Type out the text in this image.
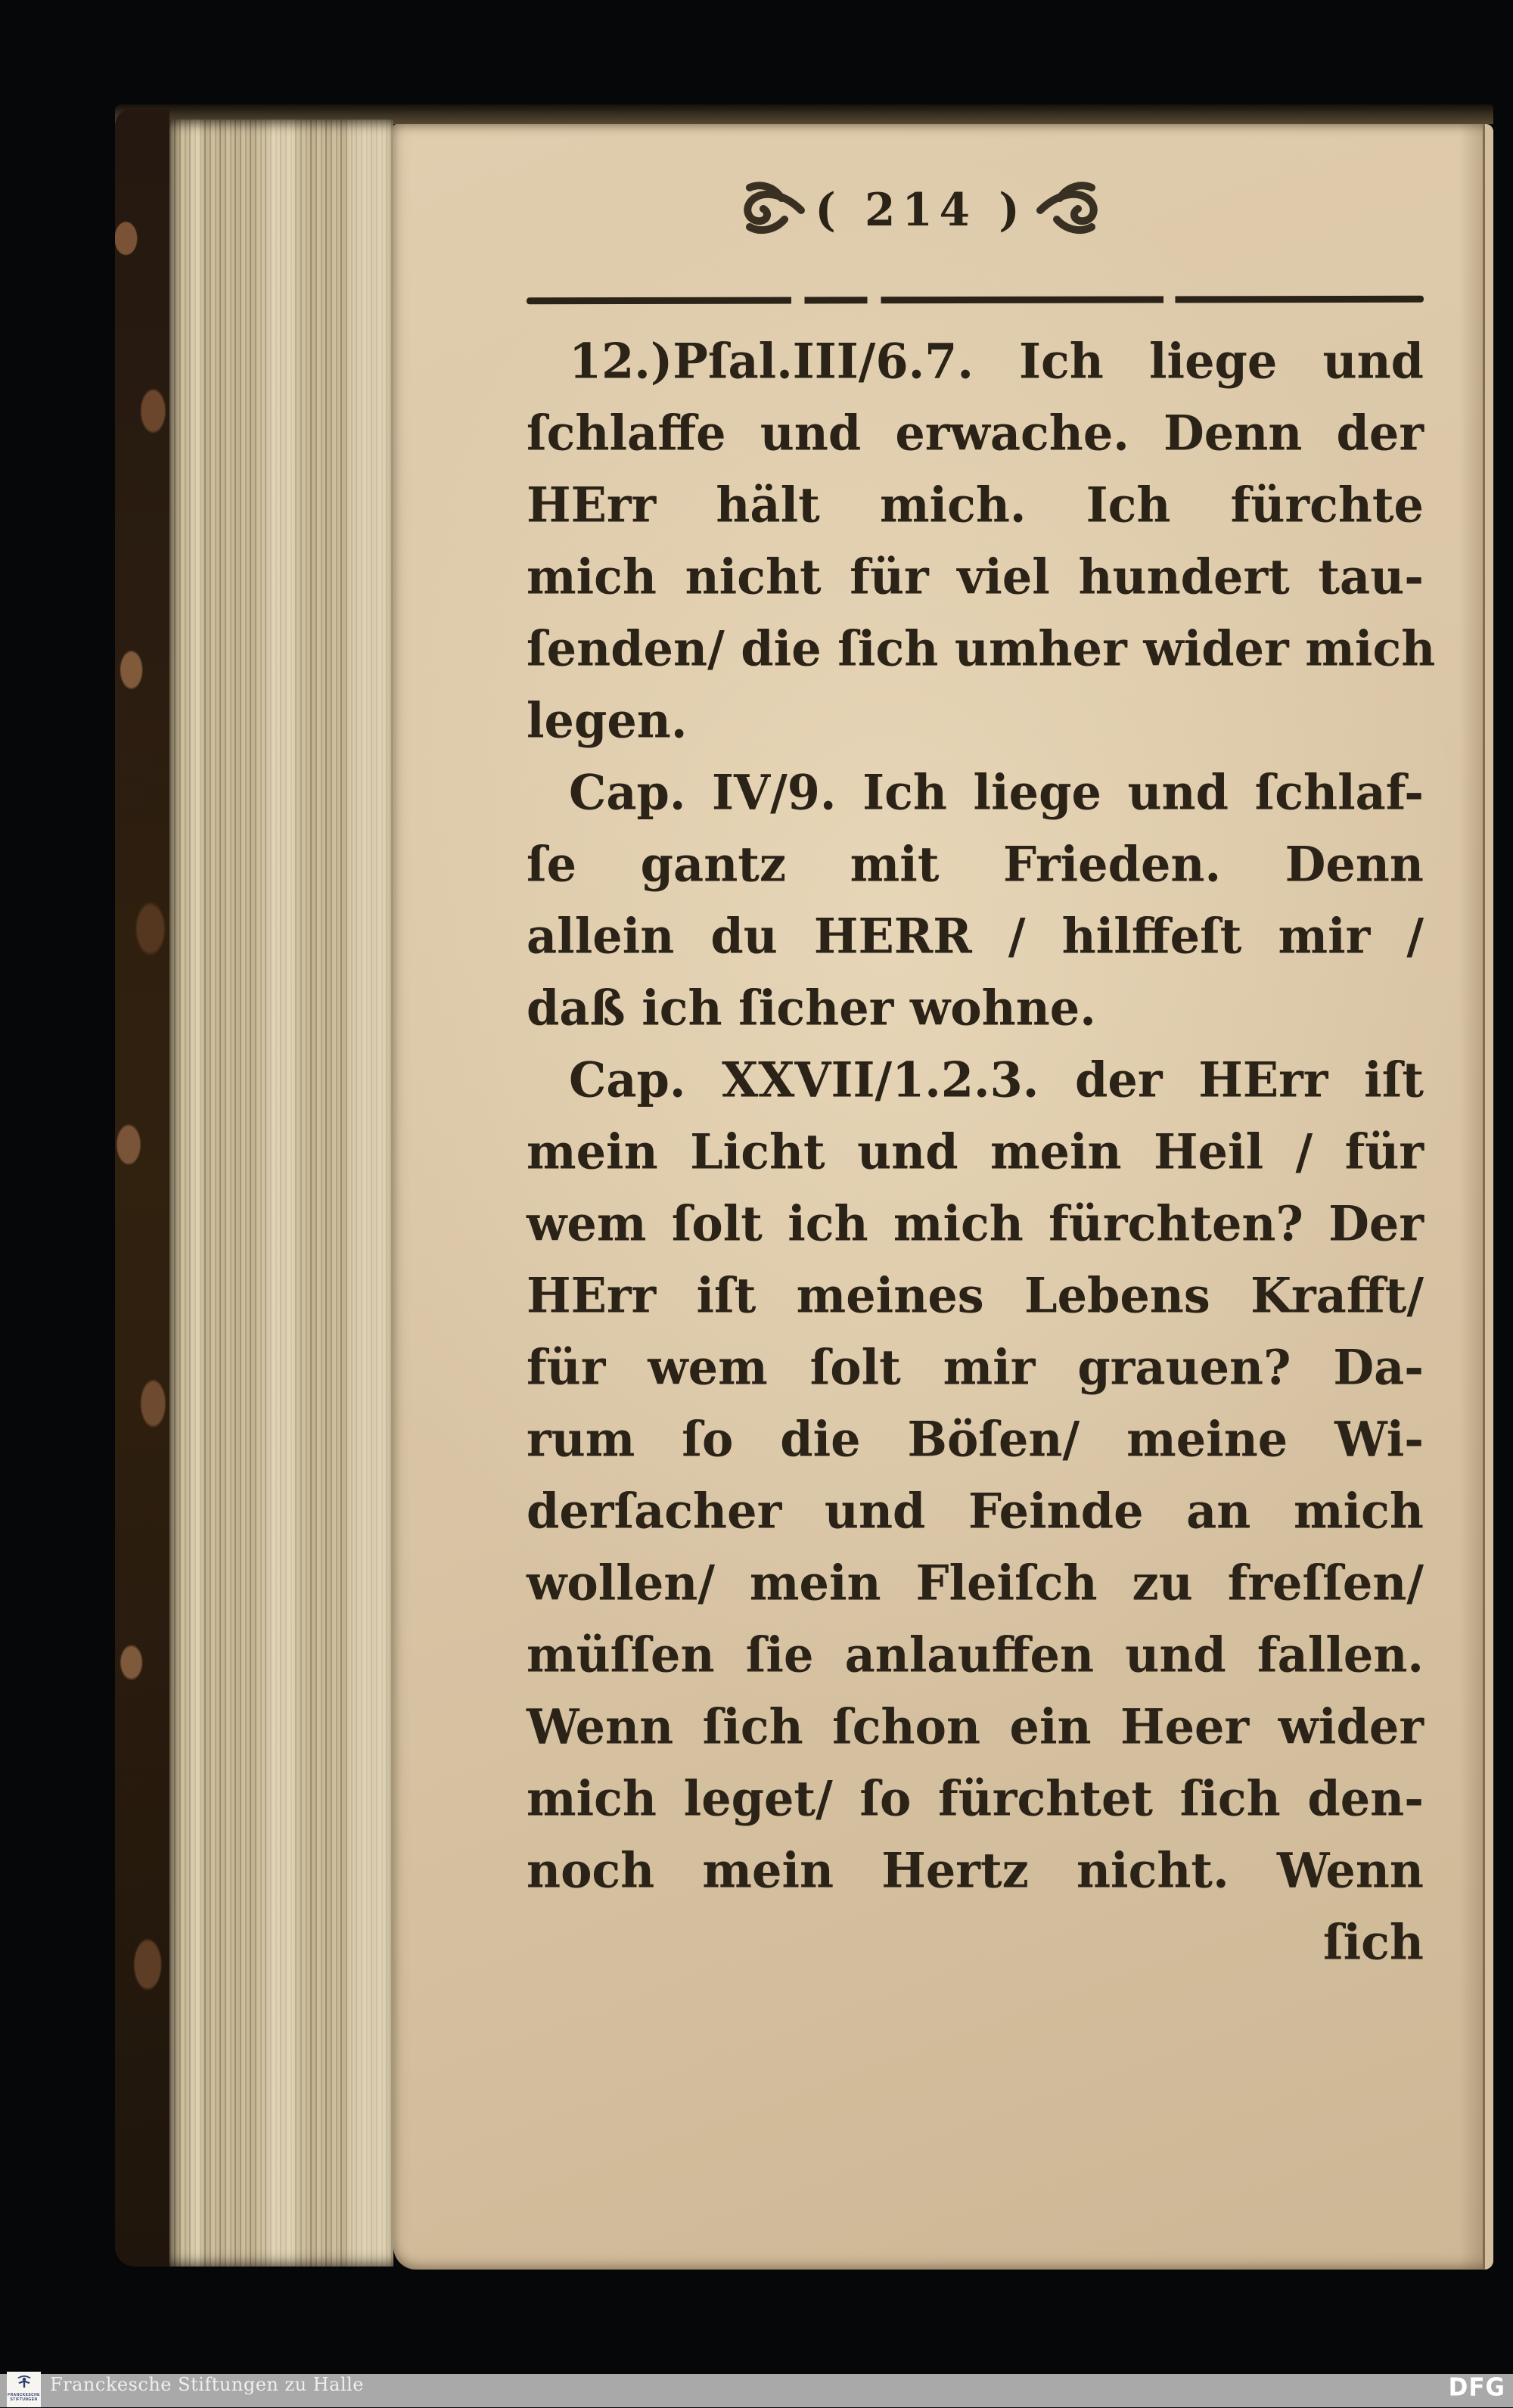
( 214 )
12.)Pſal.III/6.7. Ich liege und
ſchlaffe und erwache. Denn der
HErr hält mich. Ich fürchte
mich nicht für viel hundert tau-
ſenden/ die ſich umher wider mich
legen.
Cap. IV/9. Ich liege und ſchlaf-
ſe gantz mit Frieden. Denn
allein du HERR / hilffeſt mir /
daß ich ſicher wohne.
Cap. XXVII/1.2.3. der HErr iſt
mein Licht und mein Heil / für
wem ſolt ich mich fürchten? Der
HErr iſt meines Lebens Krafft/
für wem ſolt mir grauen? Da-
rum ſo die Böſen/ meine Wi-
derſacher und Feinde an mich
wollen/ mein Fleiſch zu freſſen/
müſſen ſie anlauffen und fallen.
Wenn ſich ſchon ein Heer wider
mich leget/ ſo fürchtet ſich den-
noch mein Hertz nicht. Wenn
ſich
FRANCKESCHE
STIFTUNGEN
Franckesche Stiftungen zu Halle	DFG
